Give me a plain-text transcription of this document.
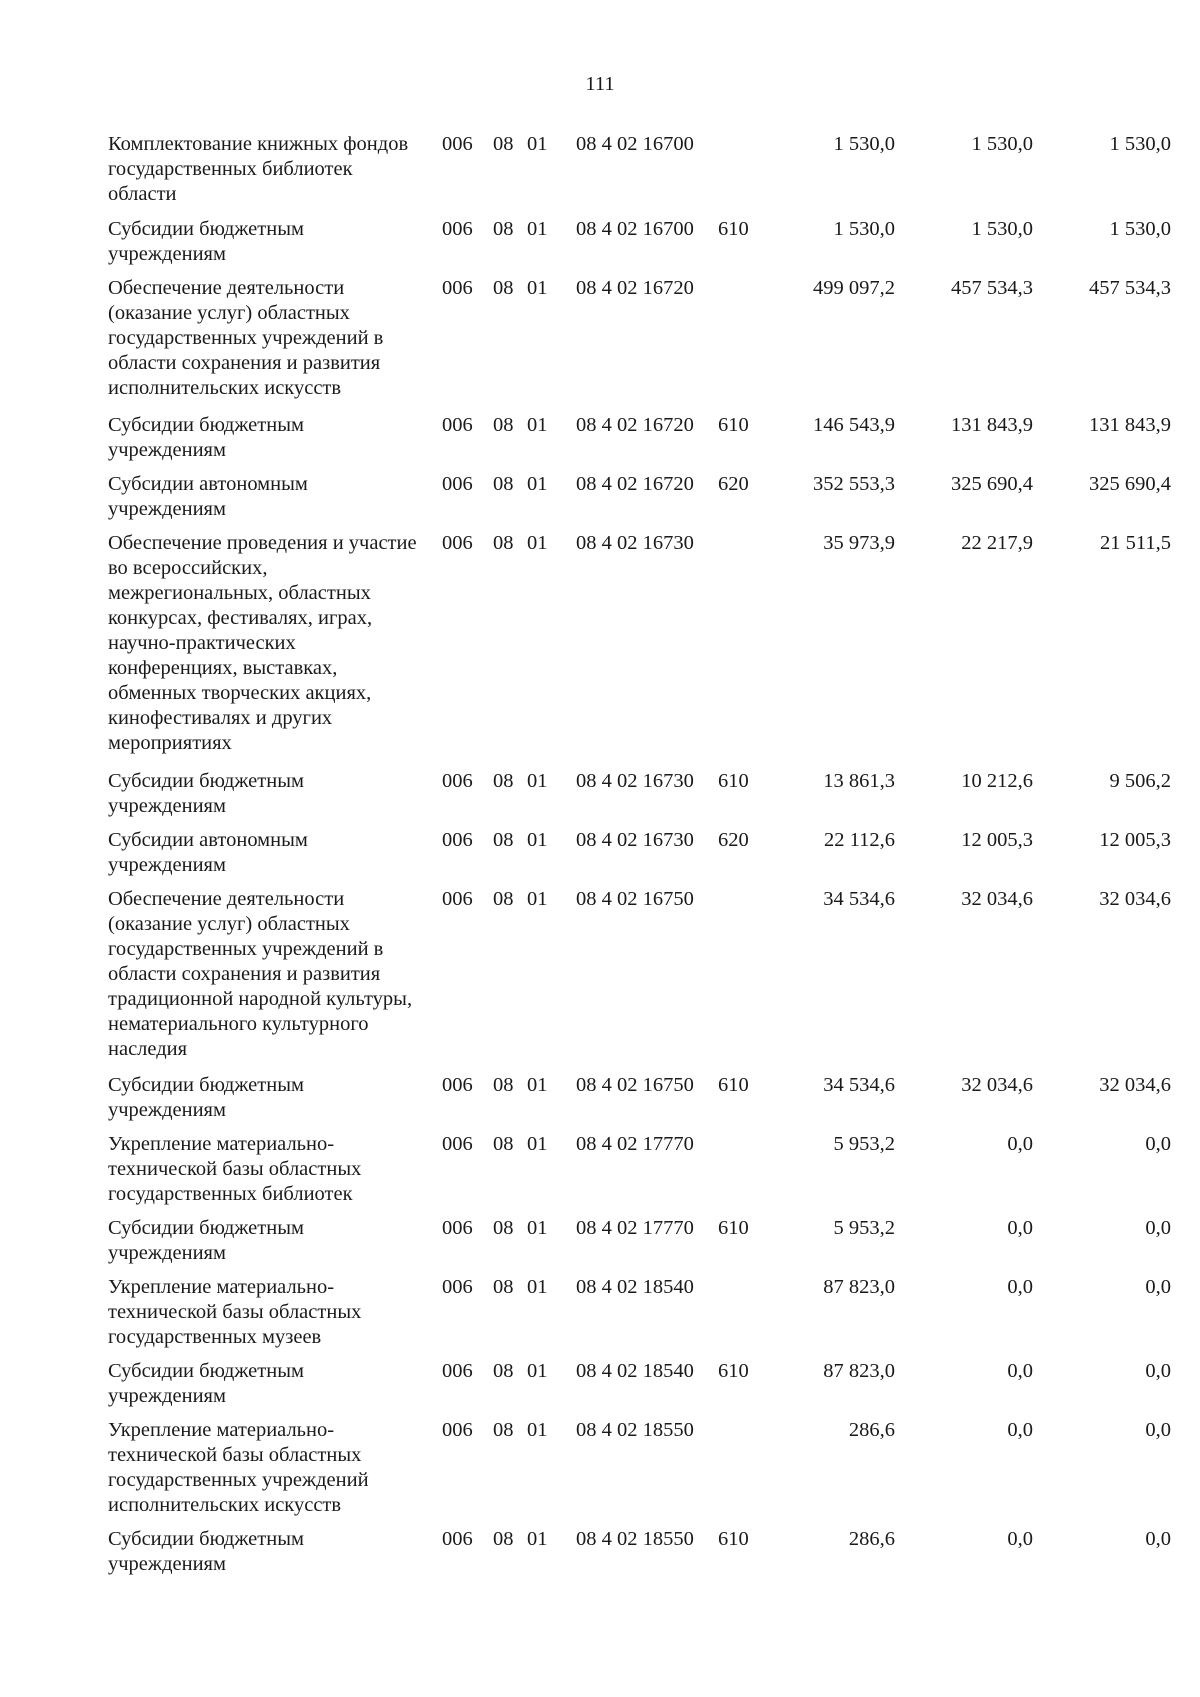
111
Комплектование книжных фондов государственных библиотек области
006 08 01 08 4 02 16700	1 530,0	1 530,0	1 530,0
Субсидии бюджетным учреждениям
006 08 01 08 4 02 16700 610	1 530,0	1 530,0	1 530,0
Обеспечение деятельности (оказание услуг) областных государственных учреждений в области сохранения и развития исполнительских искусств
006 08 01 08 4 02 16720	499 097,2	457 534,3	457 534,3
Субсидии бюджетным учреждениям
006 08 01 08 4 02 16720 610	146 543,9	131 843,9	131 843,9
Субсидии автономным учреждениям
006 08 01 08 4 02 16720 620	352 553,3	325 690,4	325 690,4
Обеспечение проведения и участие во всероссийских, межрегиональных, областных конкурсах, фестивалях, играх, научно-практических конференциях, выставках, обменных творческих акциях, кинофестивалях и других мероприятиях
006 08 01 08 4 02 16730	35 973,9	22 217,9	21 511,5
Субсидии бюджетным учреждениям
006 08 01 08 4 02 16730 610	13 861,3	10 212,6	9 506,2
Субсидии автономным учреждениям
006 08 01 08 4 02 16730 620	22 112,6	12 005,3	12 005,3
Обеспечение деятельности (оказание услуг) областных государственных учреждений в области сохранения и развития традиционной народной культуры, нематериального культурного наследия
006 08 01 08 4 02 16750	34 534,6	32 034,6	32 034,6
Субсидии бюджетным учреждениям
006 08 01 08 4 02 16750 610	34 534,6	32 034,6	32 034,6
Укрепление материально-технической базы областных государственных библиотек
006 08 01 08 4 02 17770	5 953,2	0,0	0,0
Субсидии бюджетным учреждениям
006 08 01 08 4 02 17770 610	5 953,2	0,0	0,0
Укрепление материально-технической базы областных государственных музеев
006 08 01 08 4 02 18540	87 823,0	0,0	0,0
Субсидии бюджетным учреждениям
006 08 01 08 4 02 18540 610	87 823,0	0,0	0,0
Укрепление материально-технической базы областных государственных учреждений исполнительских искусств
006 08 01 08 4 02 18550	286,6	0,0	0,0
Субсидии бюджетным учреждениям
006 08 01 08 4 02 18550 610	286,6	0,0	0,0
